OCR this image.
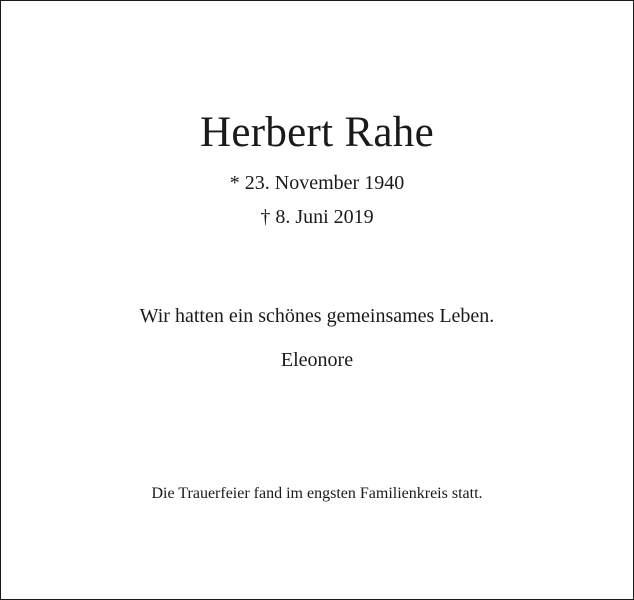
Herbert Rahe
* 23. November 1940
† 8. Juni 2019
Wir hatten ein schönes gemeinsames Leben.
Eleonore
Die Trauerfeier fand im engsten Familienkreis statt.
